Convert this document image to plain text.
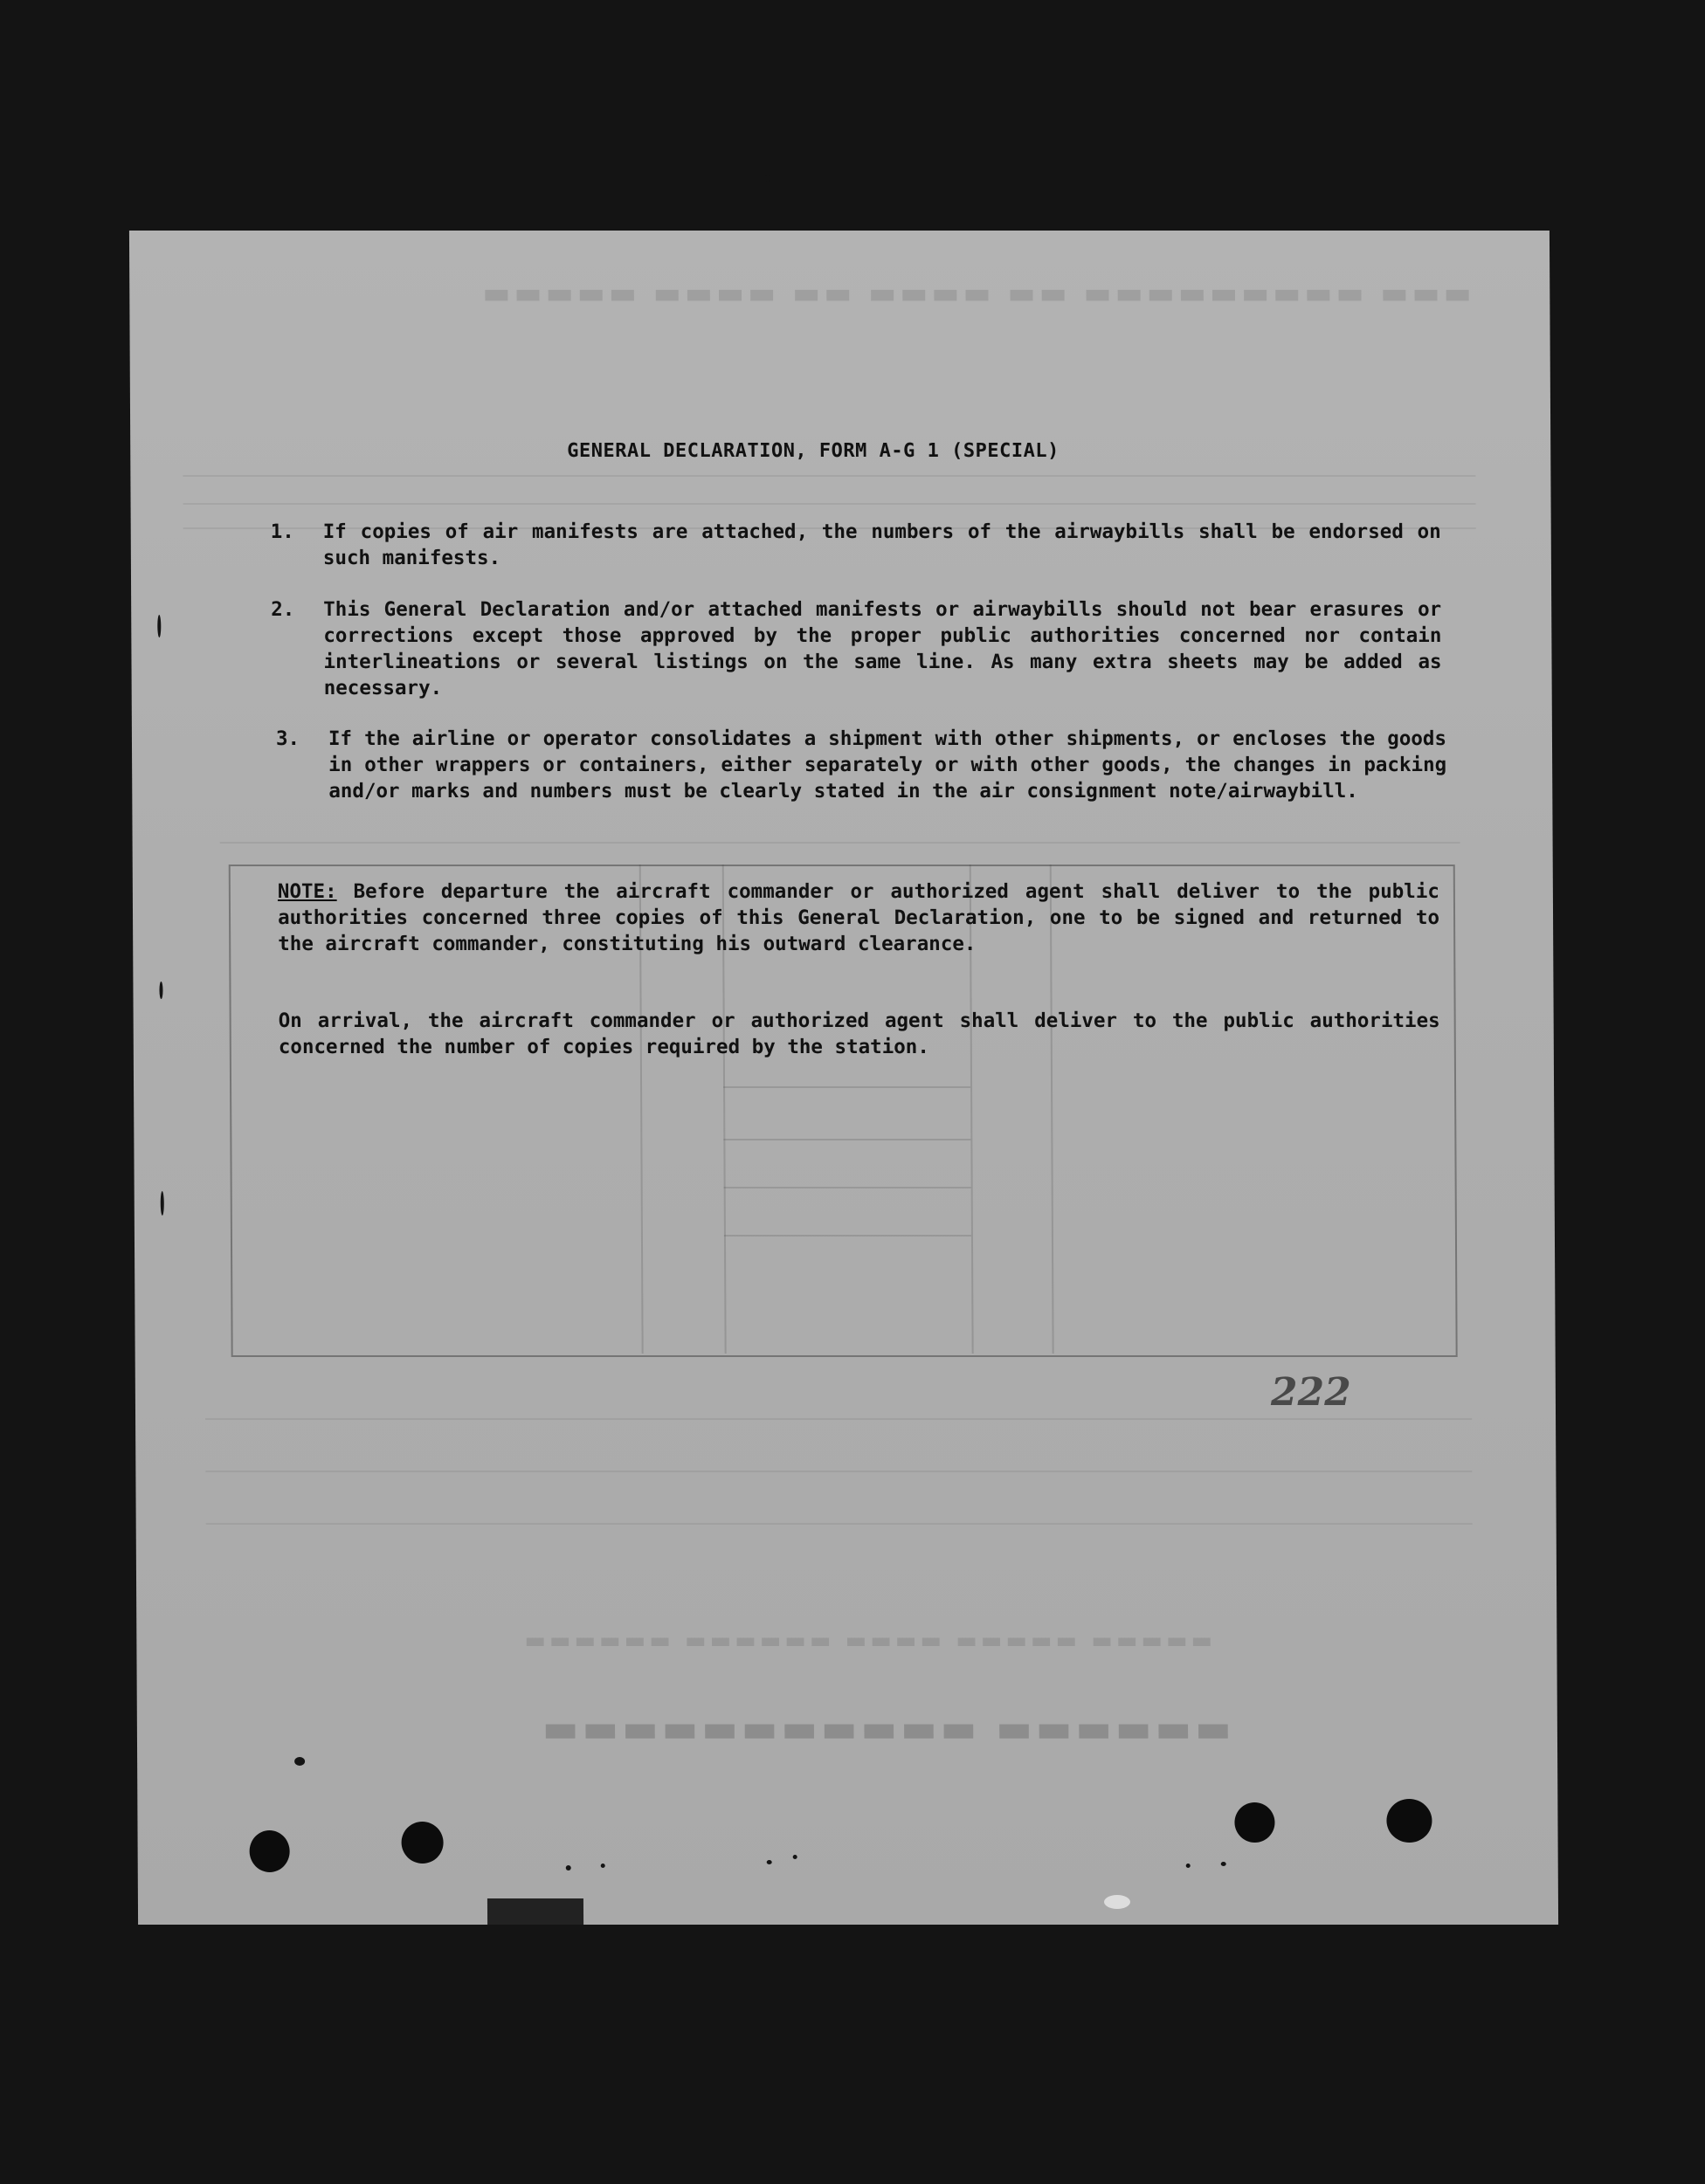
▬▬▬ ▬▬▬▬▬▬▬▬▬ ▬▬ ▬▬▬▬ ▬▬ ▬▬▬▬ ▬▬▬▬▬
▬▬▬▬▬ ▬▬▬▬▬ ▬▬▬▬ ▬▬▬▬▬▬ ▬▬▬▬▬▬
▬▬▬▬▬▬ ▬▬▬▬▬▬▬▬▬▬▬
GENERAL DECLARATION, FORM A-G 1 (SPECIAL)
1.	If copies of air manifests are attached, the numbers of the airwaybills shall be endorsed on such manifests.
2.	This General Declaration and/or attached manifests or airwaybills should not bear erasures or corrections except those approved by the proper public authorities concerned nor contain interlineations or several listings on the same line. As many extra sheets may be added as necessary.
3.	If the airline or operator consolidates a shipment with other shipments, or encloses the goods in other wrappers or containers, either separately or with other goods, the changes in packing and/or marks and numbers must be clearly stated in the air consignment note/airwaybill.
NOTE: Before departure the aircraft commander or authorized agent shall deliver to the public authorities concerned three copies of this General Declaration, one to be signed and returned to the aircraft commander, constituting his outward clearance.
On arrival, the aircraft commander or authorized agent shall deliver to the public authorities concerned the number of copies required by the station.
222
